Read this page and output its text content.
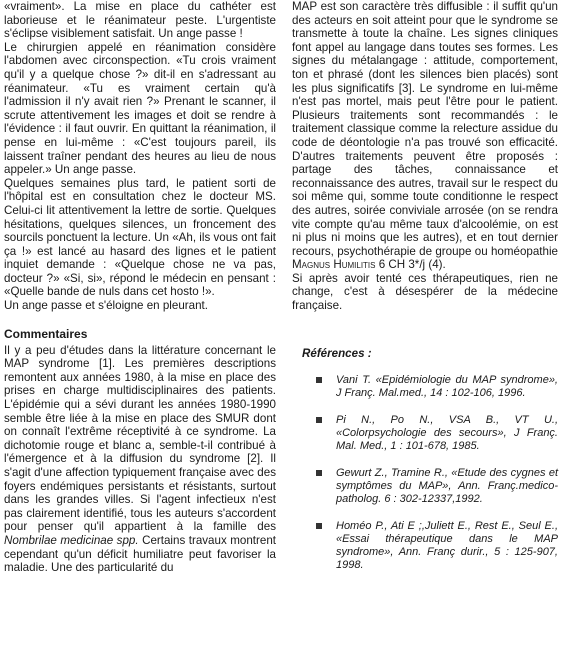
«vraiment». La mise en place du cathéter est laborieuse et le réanimateur peste. L'urgentiste s'éclipse visiblement satisfait. Un ange passe !

Le chirurgien appelé en réanimation considère l'abdomen avec circonspection. «Tu crois vraiment qu'il y a quelque chose ?» dit-il en s'adressant au réanimateur. «Tu es vraiment certain qu'à l'admission il n'y avait rien ?» Prenant le scanner, il scrute attentivement les images et doit se rendre à l'évidence : il faut ouvrir. En quittant la réanimation, il pense en lui-même : «C'est toujours pareil, ils laissent traîner pendant des heures au lieu de nous appeler.» Un ange passe.

Quelques semaines plus tard, le patient sorti de l'hôpital est en consultation chez le docteur MS. Celui-ci lit attentivement la lettre de sortie. Quelques hésitations, quelques silences, un froncement des sourcils ponctuent la lecture. Un «Ah, ils vous ont fait ça !» est lancé au hasard des lignes et le patient inquiet demande : «Quelque chose ne va pas, docteur ?» «Si, si», répond le médecin en pensant : «Quelle bande de nuls dans cet hosto !».

Un ange passe et s'éloigne en pleurant.

Commentaires

Il y a peu d'études dans la littérature concernant le MAP syndrome [1]. Les premières descriptions remontent aux années 1980, à la mise en place des prises en charge multidisciplinaires des patients. L'épidémie qui a sévi durant les années 1980-1990 semble être liée à la mise en place des SMUR dont on connaît l'extrême réceptivité à ce syndrome. La dichotomie rouge et blanc a, semble-t-il contribué à l'émergence et à la diffusion du syndrome [2]. Il s'agit d'une affection typiquement française avec des foyers endémiques persistants et résistants, surtout dans les grandes villes. Si l'agent infectieux n'est pas clairement identifié, tous les auteurs s'accordent pour penser qu'il appartient à la famille des Nombrilae medicinae spp. Certains travaux montrent cependant qu'un déficit humiliatre peut favoriser la maladie. Une des particularité du

MAP est son caractère très diffusible : il suffit qu'un des acteurs en soit atteint pour que le syndrome se transmette à toute la chaîne. Les signes cliniques font appel au langage dans toutes ses formes. Les signes du métalangage : attitude, comportement, ton et phrasé (dont les silences bien placés) sont les plus significatifs [3]. Le syndrome en lui-même n'est pas mortel, mais peut l'être pour le patient. Plusieurs traitements sont recommandés : le traitement classique comme la relecture assidue du code de déontologie n'a pas trouvé son efficacité. D'autres traitements peuvent être proposés : partage des tâches, connaissance et reconnaissance des autres, travail sur le respect du soi même qui, somme toute conditionne le respect des autres, soirée conviviale arrosée (on se rendra vite compte qu'au même taux d'alcoolémie, on est ni plus ni moins que les autres), et en tout dernier recours, psychothérapie de groupe ou homéopathie Magnus Humilitis 6 CH 3*/j (4).

Si après avoir tenté ces thérapeutiques, rien ne change, c'est à désespérer de la médecine française.

Références :
Vani T. «Epidémiologie du MAP syndrome», J Franç. Mal.med., 14 : 102-106, 1996.
Pi N., Po N., VSA B., VT U., «Colorpsychologie des secours», J Franç. Mal. Med., 1 : 101-678, 1985.
Gewurt Z., Tramine R., «Etude des cygnes et symptômes du MAP», Ann. Franç.medico-patholog. 6 : 302-12337,1992.
Homéo P., Ati E ;,Juliett E., Rest E., Seul E., «Essai thérapeutique dans le MAP syndrome», Ann. Franç durir., 5 : 125-907, 1998.
